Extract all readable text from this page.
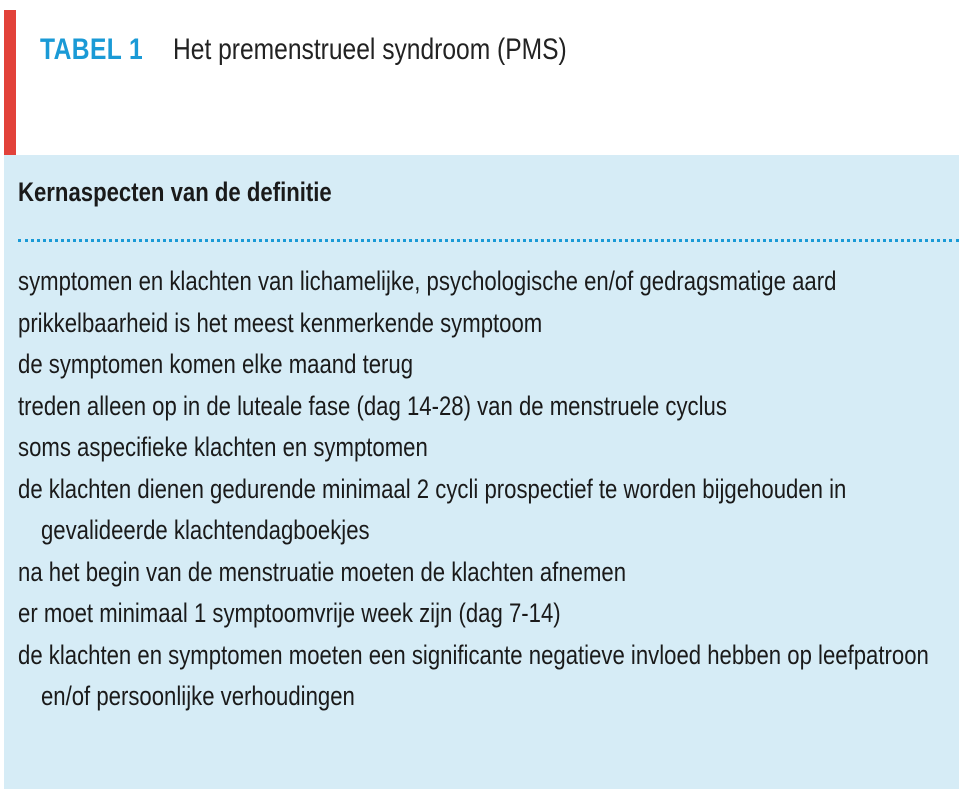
TABEL 1 Het premenstrueel syndroom (PMS)
Kernaspecten van de definitie
symptomen en klachten van lichamelijke, psychologische en/of gedragsmatige aard
prikkelbaarheid is het meest kenmerkende symptoom
de symptomen komen elke maand terug
treden alleen op in de luteale fase (dag 14-28) van de menstruele cyclus
soms aspecifieke klachten en symptomen
de klachten dienen gedurende minimaal 2 cycli prospectief te worden bijgehouden in gevalideerde klachtendagboekjes
na het begin van de menstruatie moeten de klachten afnemen
er moet minimaal 1 symptoomvrije week zijn (dag 7-14)
de klachten en symptomen moeten een significante negatieve invloed hebben op leefpatroon en/of persoonlijke verhoudingen
